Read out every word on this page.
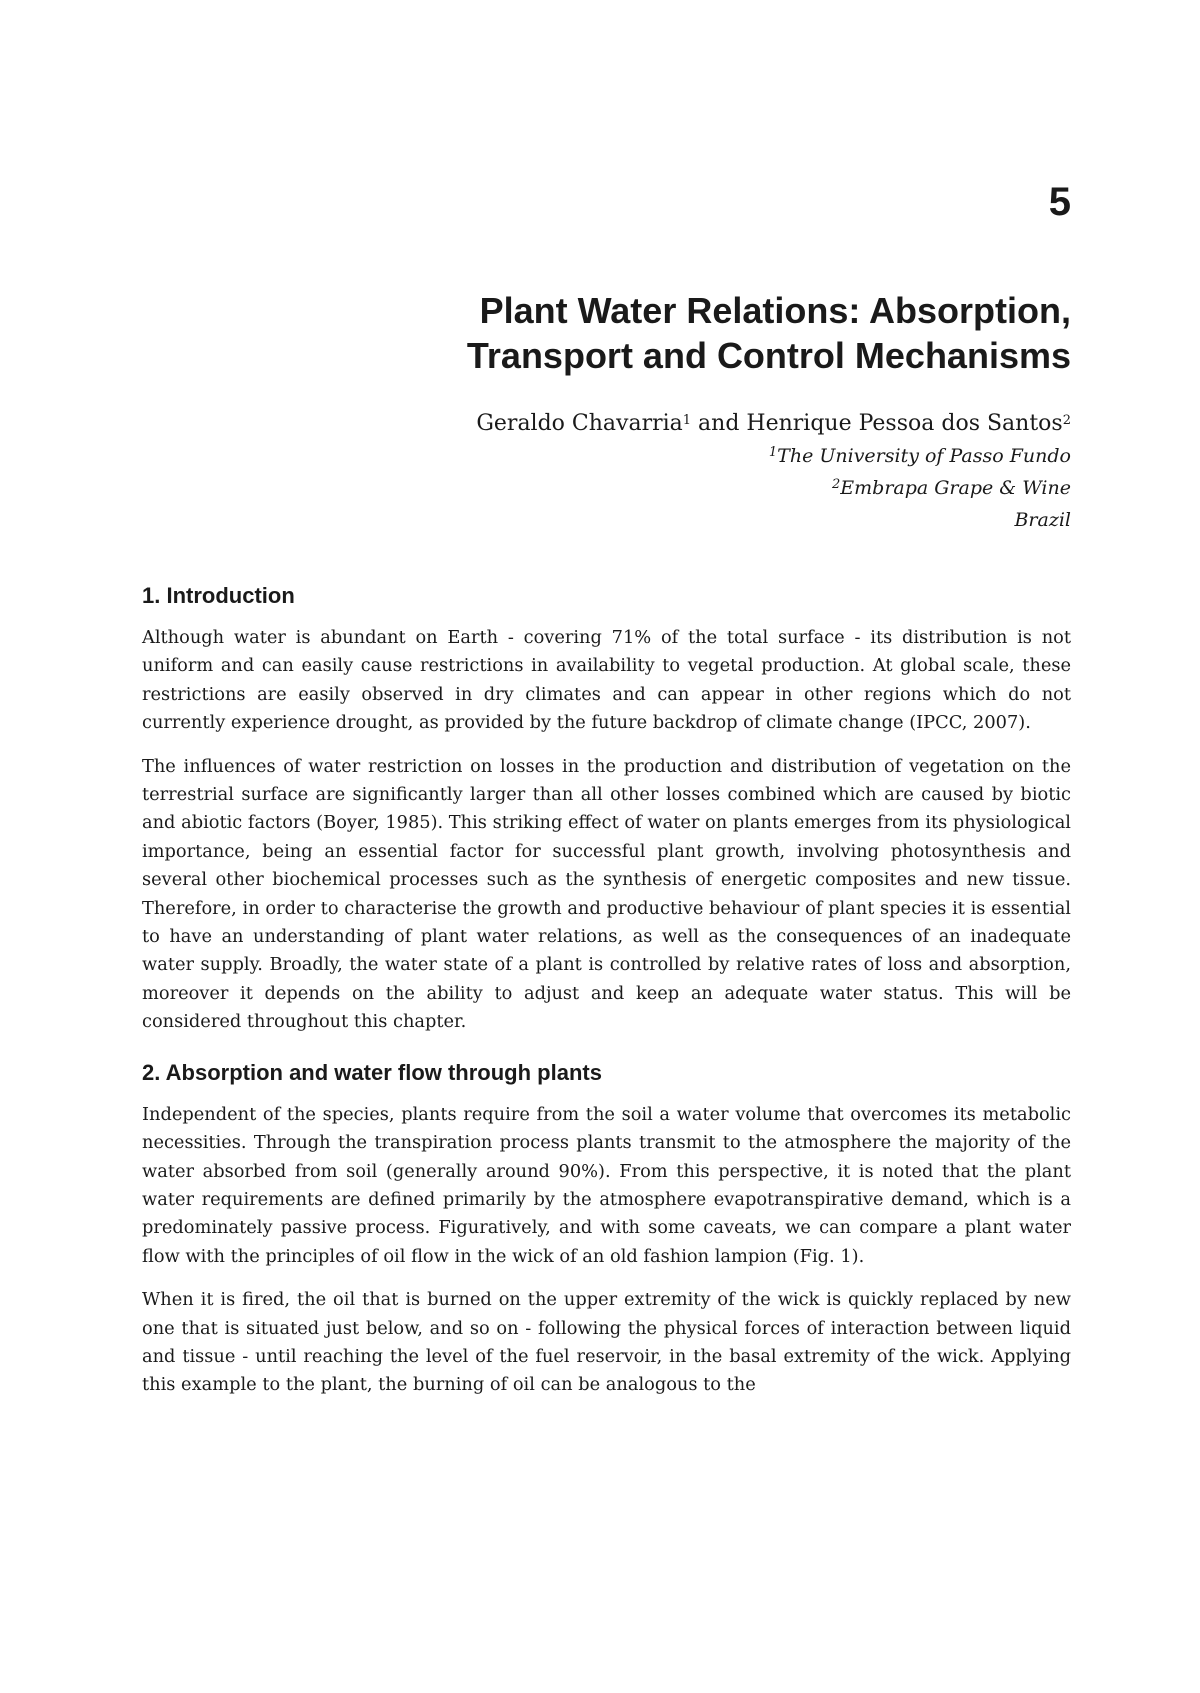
5
Plant Water Relations: Absorption,
Transport and Control Mechanisms
Geraldo Chavarria$^1$ and Henrique Pessoa dos Santos$^2$
$^1$The University of Passo Fundo
$^2$Embrapa Grape & Wine
Brazil
1. Introduction

Although water is abundant on Earth - covering 71% of the total surface - its distribution is not uniform and can easily cause restrictions in availability to vegetal production. At global scale, these restrictions are easily observed in dry climates and can appear in other regions which do not currently experience drought, as provided by the future backdrop of climate change (IPCC, 2007).

The influences of water restriction on losses in the production and distribution of vegetation on the terrestrial surface are significantly larger than all other losses combined which are caused by biotic and abiotic factors (Boyer, 1985). This striking effect of water on plants emerges from its physiological importance, being an essential factor for successful plant growth, involving photosynthesis and several other biochemical processes such as the synthesis of energetic composites and new tissue. Therefore, in order to characterise the growth and productive behaviour of plant species it is essential to have an understanding of plant water relations, as well as the consequences of an inadequate water supply. Broadly, the water state of a plant is controlled by relative rates of loss and absorption, moreover it depends on the ability to adjust and keep an adequate water status. This will be considered throughout this chapter.

2. Absorption and water flow through plants

Independent of the species, plants require from the soil a water volume that overcomes its metabolic necessities. Through the transpiration process plants transmit to the atmosphere the majority of the water absorbed from soil (generally around 90%). From this perspective, it is noted that the plant water requirements are defined primarily by the atmosphere evapotranspirative demand, which is a predominately passive process. Figuratively, and with some caveats, we can compare a plant water flow with the principles of oil flow in the wick of an old fashion lampion (Fig. 1).

When it is fired, the oil that is burned on the upper extremity of the wick is quickly replaced by new one that is situated just below, and so on - following the physical forces of interaction between liquid and tissue - until reaching the level of the fuel reservoir, in the basal extremity of the wick. Applying this example to the plant, the burning of oil can be analogous to the
